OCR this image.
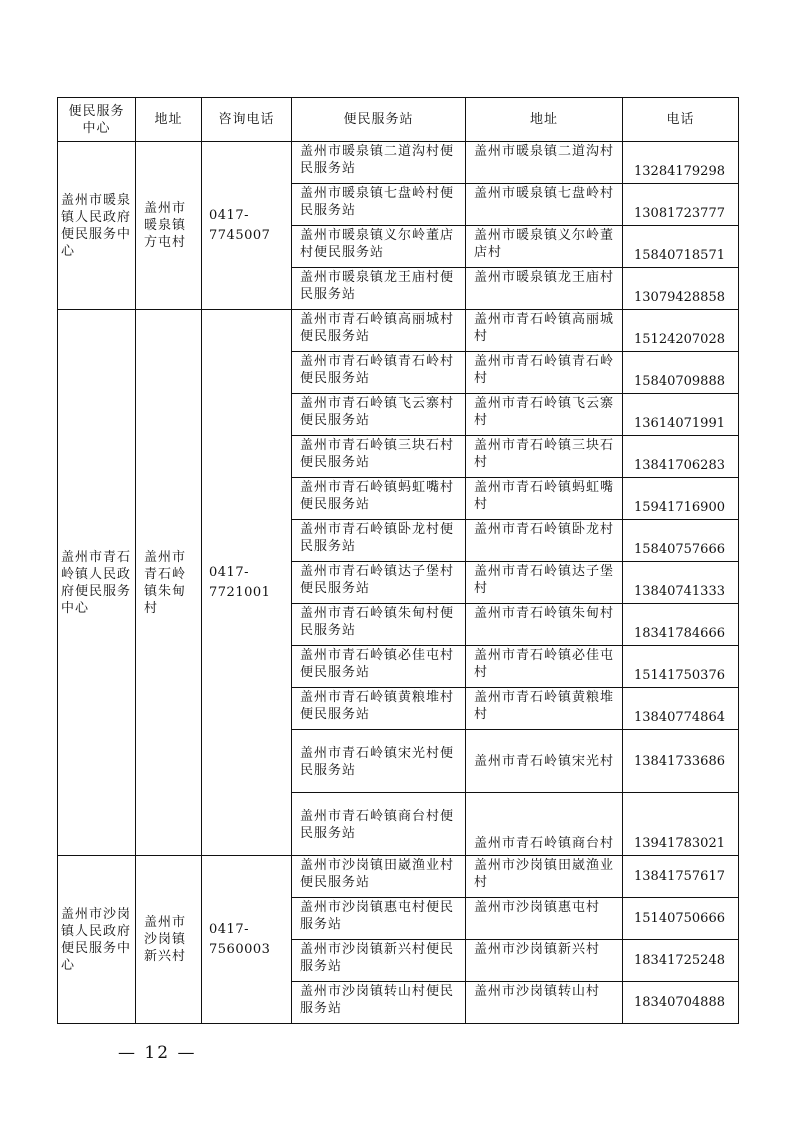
便民服务中心	地址	咨询电话	便民服务站	地址	电话
盖州市暖泉镇人民政府便民服务中心	盖州市暖泉镇方屯村	0417-7745007	盖州市暖泉镇二道沟村便民服务站	盖州市暖泉镇二道沟村	13284179298
			盖州市暖泉镇七盘岭村便民服务站	盖州市暖泉镇七盘岭村	13081723777
			盖州市暖泉镇义尔岭董店村便民服务站	盖州市暖泉镇义尔岭董店村	15840718571
			盖州市暖泉镇龙王庙村便民服务站	盖州市暖泉镇龙王庙村	13079428858
盖州市青石岭镇人民政府便民服务中心	盖州市青石岭镇朱甸村	0417-7721001	盖州市青石岭镇高丽城村便民服务站	盖州市青石岭镇高丽城村	15124207028
			盖州市青石岭镇青石岭村便民服务站	盖州市青石岭镇青石岭村	15840709888
			盖州市青石岭镇飞云寨村便民服务站	盖州市青石岭镇飞云寨村	13614071991
			盖州市青石岭镇三块石村便民服务站	盖州市青石岭镇三块石村	13841706283
			盖州市青石岭镇蚂虹嘴村便民服务站	盖州市青石岭镇蚂虹嘴村	15941716900
			盖州市青石岭镇卧龙村便民服务站	盖州市青石岭镇卧龙村	15840757666
			盖州市青石岭镇达子堡村便民服务站	盖州市青石岭镇达子堡村	13840741333
			盖州市青石岭镇朱甸村便民服务站	盖州市青石岭镇朱甸村	18341784666
			盖州市青石岭镇必佳屯村便民服务站	盖州市青石岭镇必佳屯村	15141750376
			盖州市青石岭镇黄粮堆村便民服务站	盖州市青石岭镇黄粮堆村	13840774864
			盖州市青石岭镇宋光村便民服务站	盖州市青石岭镇宋光村	13841733686
			盖州市青石岭镇商台村便民服务站	盖州市青石岭镇商台村	13941783021
盖州市沙岗镇人民政府便民服务中心	盖州市沙岗镇新兴村	0417-7560003	盖州市沙岗镇田崴渔业村便民服务站	盖州市沙岗镇田崴渔业村	13841757617
			盖州市沙岗镇惠屯村便民服务站	盖州市沙岗镇惠屯村	15140750666
			盖州市沙岗镇新兴村便民服务站	盖州市沙岗镇新兴村	18341725248
			盖州市沙岗镇转山村便民服务站	盖州市沙岗镇转山村	18340704888
— 12 —
